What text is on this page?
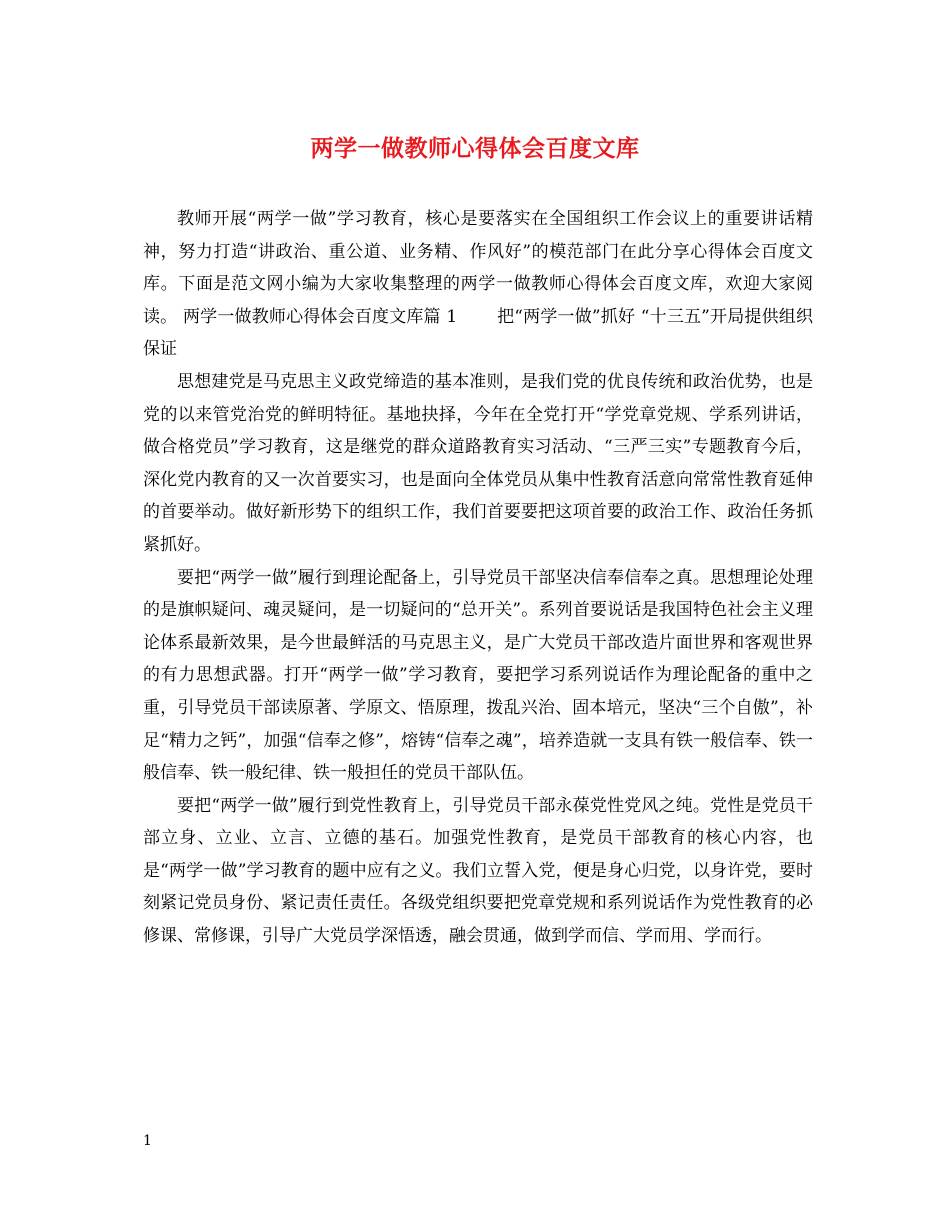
两学一做教师心得体会百度文库

教师开展“两学一做”学习教育，核心是要落实在全国组织工作会议上的重要讲话精神，努力打造“讲政治、重公道、业务精、作风好”的模范部门在此分享心得体会百度文库。下面是范文网小编为大家收集整理的两学一做教师心得体会百度文库，欢迎大家阅读。 两学一做教师心得体会百度文库篇 1 　　把“两学一做”抓好 “十三五”开局提供组织保证

思想建党是马克思主义政党缔造的基本准则，是我们党的优良传统和政治优势，也是党的以来管党治党的鲜明特征。基地抉择，今年在全党打开“学党章党规、学系列讲话，做合格党员”学习教育，这是继党的群众道路教育实习活动、“三严三实”专题教育今后，深化党内教育的又一次首要实习，也是面向全体党员从集中性教育活意向常常性教育延伸的首要举动。做好新形势下的组织工作，我们首要要把这项首要的政治工作、政治任务抓紧抓好。

要把“两学一做”履行到理论配备上，引导党员干部坚决信奉信奉之真。思想理论处理的是旗帜疑问、魂灵疑问，是一切疑问的“总开关”。系列首要说话是我国特色社会主义理论体系最新效果，是今世最鲜活的马克思主义，是广大党员干部改造片面世界和客观世界的有力思想武器。打开“两学一做”学习教育，要把学习系列说话作为理论配备的重中之重，引导党员干部读原著、学原文、悟原理，拨乱兴治、固本培元，坚决“三个自傲”，补足“精力之钙”，加强“信奉之修”，熔铸“信奉之魂”，培养造就一支具有铁一般信奉、铁一般信奉、铁一般纪律、铁一般担任的党员干部队伍。

要把“两学一做”履行到党性教育上，引导党员干部永葆党性党风之纯。党性是党员干部立身、立业、立言、立德的基石。加强党性教育，是党员干部教育的核心内容，也是“两学一做”学习教育的题中应有之义。我们立誓入党，便是身心归党，以身许党，要时刻紧记党员身份、紧记责任责任。各级党组织要把党章党规和系列说话作为党性教育的必修课、常修课，引导广大党员学深悟透，融会贯通，做到学而信、学而用、学而行。

1
